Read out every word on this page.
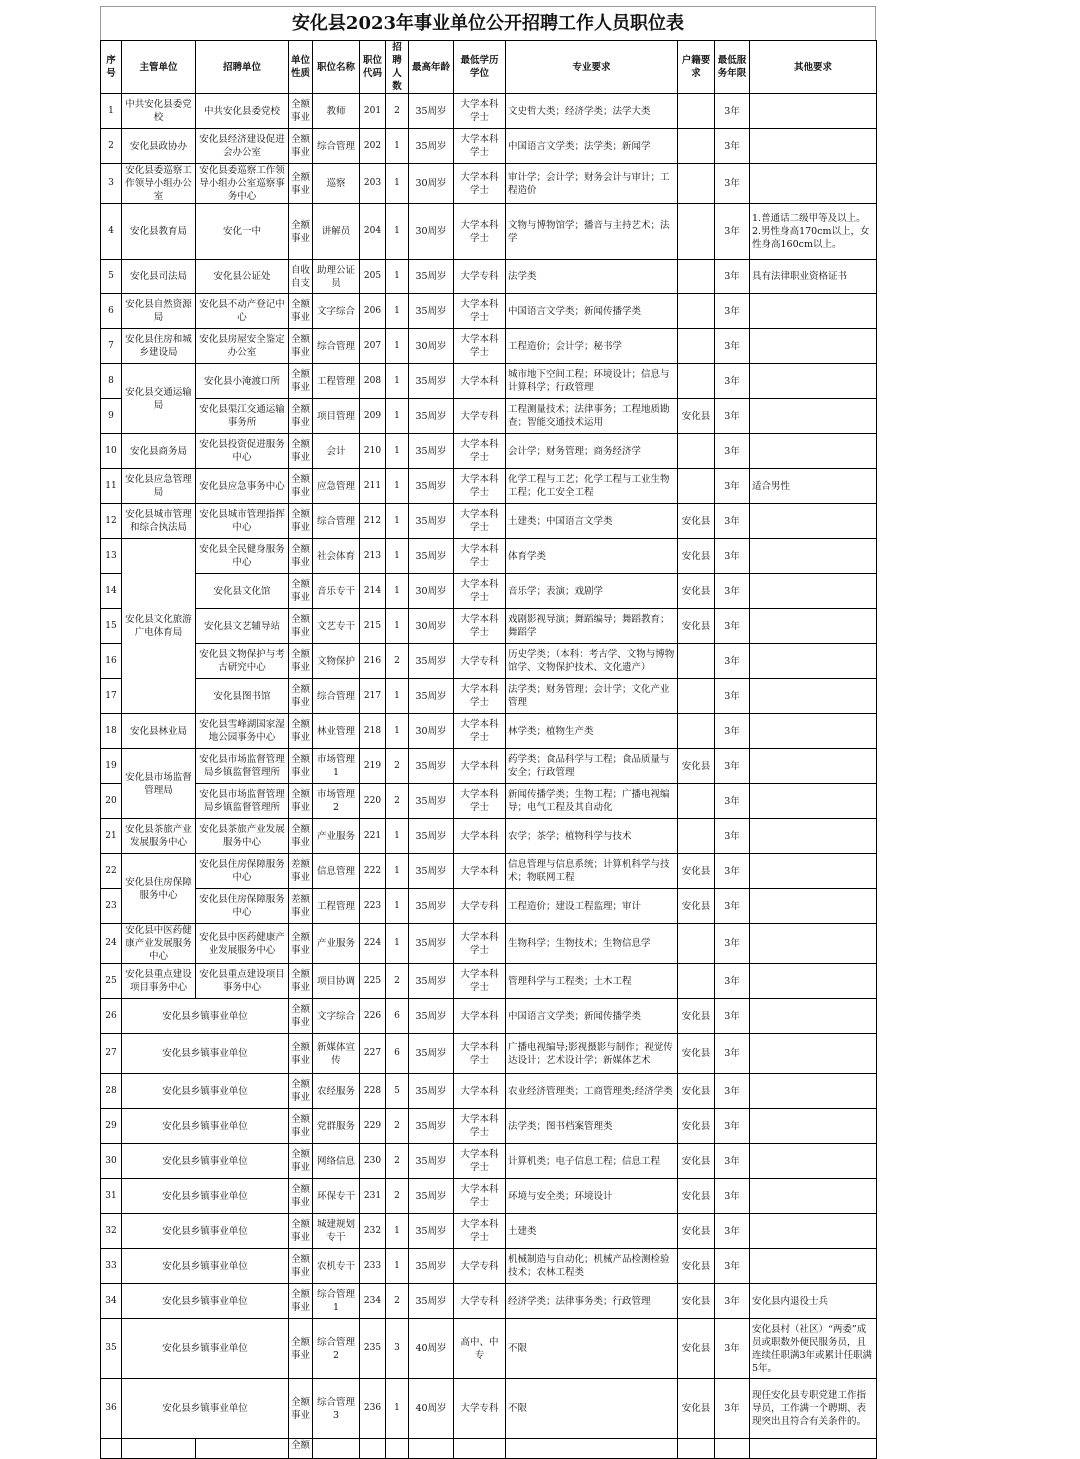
安化县2023年事业单位公开招聘工作人员职位表
序号	主管单位	招聘单位	单位性质	职位名称	职位代码	招聘人数	最高年龄	最低学历学位	专业要求	户籍要求	最低服务年限	其他要求
1	中共安化县委党校	中共安化县委党校	全额事业	教师	201	2	35周岁	大学本科学士	文史哲大类；经济学类；法学大类		3年	
2	安化县政协办	安化县经济建设促进会办公室	全额事业	综合管理	202	1	35周岁	大学本科学士	中国语言文学类；法学类；新闻学		3年	
3	安化县委巡察工作领导小组办公室	安化县委巡察工作领导小组办公室巡察事务中心	全额事业	巡察	203	1	30周岁	大学本科学士	审计学；会计学；财务会计与审计；工程造价		3年	
4	安化县教育局	安化一中	全额事业	讲解员	204	1	30周岁	大学本科学士	文物与博物馆学；播音与主持艺术；法学		3年	1.普通话二级甲等及以上。2.男性身高170cm以上，女性身高160cm以上。
5	安化县司法局	安化县公证处	自收自支	助理公证员	205	1	35周岁	大学专科	法学类		3年	具有法律职业资格证书
6	安化县自然资源局	安化县不动产登记中心	全额事业	文字综合	206	1	35周岁	大学本科学士	中国语言文学类；新闻传播学类		3年	
7	安化县住房和城乡建设局	安化县房屋安全鉴定办公室	全额事业	综合管理	207	1	30周岁	大学本科学士	工程造价；会计学；秘书学		3年	
8	安化县交通运输局	安化县小淹渡口所	全额事业	工程管理	208	1	35周岁	大学本科	城市地下空间工程；环境设计；信息与计算科学；行政管理		3年	
9		安化县渠江交通运输事务所	全额事业	项目管理	209	1	35周岁	大学专科	工程测量技术；法律事务；工程地质勘查；智能交通技术运用	安化县	3年	
10	安化县商务局	安化县投资促进服务中心	全额事业	会计	210	1	35周岁	大学本科学士	会计学；财务管理；商务经济学		3年	
11	安化县应急管理局	安化县应急事务中心	全额事业	应急管理	211	1	35周岁	大学本科学士	化学工程与工艺；化学工程与工业生物工程；化工安全工程		3年	适合男性
12	安化县城市管理和综合执法局	安化县城市管理指挥中心	全额事业	综合管理	212	1	35周岁	大学本科学士	土建类；中国语言文学类	安化县	3年	
13	安化县文化旅游广电体育局	安化县全民健身服务中心	全额事业	社会体育	213	1	35周岁	大学本科学士	体育学类	安化县	3年	
14		安化县文化馆	全额事业	音乐专干	214	1	30周岁	大学本科学士	音乐学；表演；戏剧学	安化县	3年	
15		安化县文艺辅导站	全额事业	文艺专干	215	1	30周岁	大学本科学士	戏剧影视导演；舞蹈编导；舞蹈教育；舞蹈学	安化县	3年	
16		安化县文物保护与考古研究中心	全额事业	文物保护	216	2	35周岁	大学专科	历史学类；（本科：考古学、文物与博物馆学、文物保护技术、文化遗产）		3年	
17		安化县图书馆	全额事业	综合管理	217	1	35周岁	大学本科学士	法学类；财务管理；会计学；文化产业管理		3年	
18	安化县林业局	安化县雪峰湖国家湿地公园事务中心	全额事业	林业管理	218	1	30周岁	大学本科学士	林学类；植物生产类		3年	
19	安化县市场监督管理局	安化县市场监督管理局乡镇监督管理所	全额事业	市场管理1	219	2	35周岁	大学本科	药学类；食品科学与工程；食品质量与安全；行政管理	安化县	3年	
20		安化县市场监督管理局乡镇监督管理所	全额事业	市场管理2	220	2	35周岁	大学本科学士	新闻传播学类；生物工程；广播电视编导；电气工程及其自动化		3年	
21	安化县茶旅产业发展服务中心	安化县茶旅产业发展服务中心	全额事业	产业服务	221	1	35周岁	大学本科	农学；茶学；植物科学与技术		3年	
22	安化县住房保障服务中心	安化县住房保障服务中心	差额事业	信息管理	222	1	35周岁	大学本科	信息管理与信息系统；计算机科学与技术；物联网工程	安化县	3年	
23		安化县住房保障服务中心	差额事业	工程管理	223	1	35周岁	大学专科	工程造价；建设工程监理；审计	安化县	3年	
24	安化县中医药健康产业发展服务中心	安化县中医药健康产业发展服务中心	全额事业	产业服务	224	1	35周岁	大学本科学士	生物科学；生物技术；生物信息学		3年	
25	安化县重点建设项目事务中心	安化县重点建设项目事务中心	全额事业	项目协调	225	2	35周岁	大学本科学士	管理科学与工程类；土木工程		3年	
26	安化县乡镇事业单位		全额事业	文字综合	226	6	35周岁	大学本科	中国语言文学类；新闻传播学类	安化县	3年	
27	安化县乡镇事业单位		全额事业	新媒体宣传	227	6	35周岁	大学本科学士	广播电视编导;影视摄影与制作；视觉传达设计；艺术设计学；新媒体艺术	安化县	3年	
28	安化县乡镇事业单位		全额事业	农经服务	228	5	35周岁	大学本科	农业经济管理类；工商管理类;经济学类	安化县	3年	
29	安化县乡镇事业单位		全额事业	党群服务	229	2	35周岁	大学本科学士	法学类；图书档案管理类	安化县	3年	
30	安化县乡镇事业单位		全额事业	网络信息	230	2	35周岁	大学本科学士	计算机类；电子信息工程；信息工程	安化县	3年	
31	安化县乡镇事业单位		全额事业	环保专干	231	2	35周岁	大学本科学士	环境与安全类；环境设计	安化县	3年	
32	安化县乡镇事业单位		全额事业	城建规划专干	232	1	35周岁	大学本科学士	土建类	安化县	3年	
33	安化县乡镇事业单位		全额事业	农机专干	233	1	35周岁	大学专科	机械制造与自动化；机械产品检测检验技术；农林工程类	安化县	3年	
34	安化县乡镇事业单位		全额事业	综合管理1	234	2	35周岁	大学专科	经济学类；法律事务类；行政管理	安化县	3年	安化县内退役士兵
35	安化县乡镇事业单位		全额事业	综合管理2	235	3	40周岁	高中、中专	不限	安化县	3年	安化县村（社区）“两委”成员或职数外便民服务员，且连续任职满3年或累计任职满5年。
36	安化县乡镇事业单位		全额事业	综合管理3	236	1	40周岁	大学专科	不限	安化县	3年	现任安化县专职党建工作指导员，工作满一个聘期、表现突出且符合有关条件的。
			全额									
